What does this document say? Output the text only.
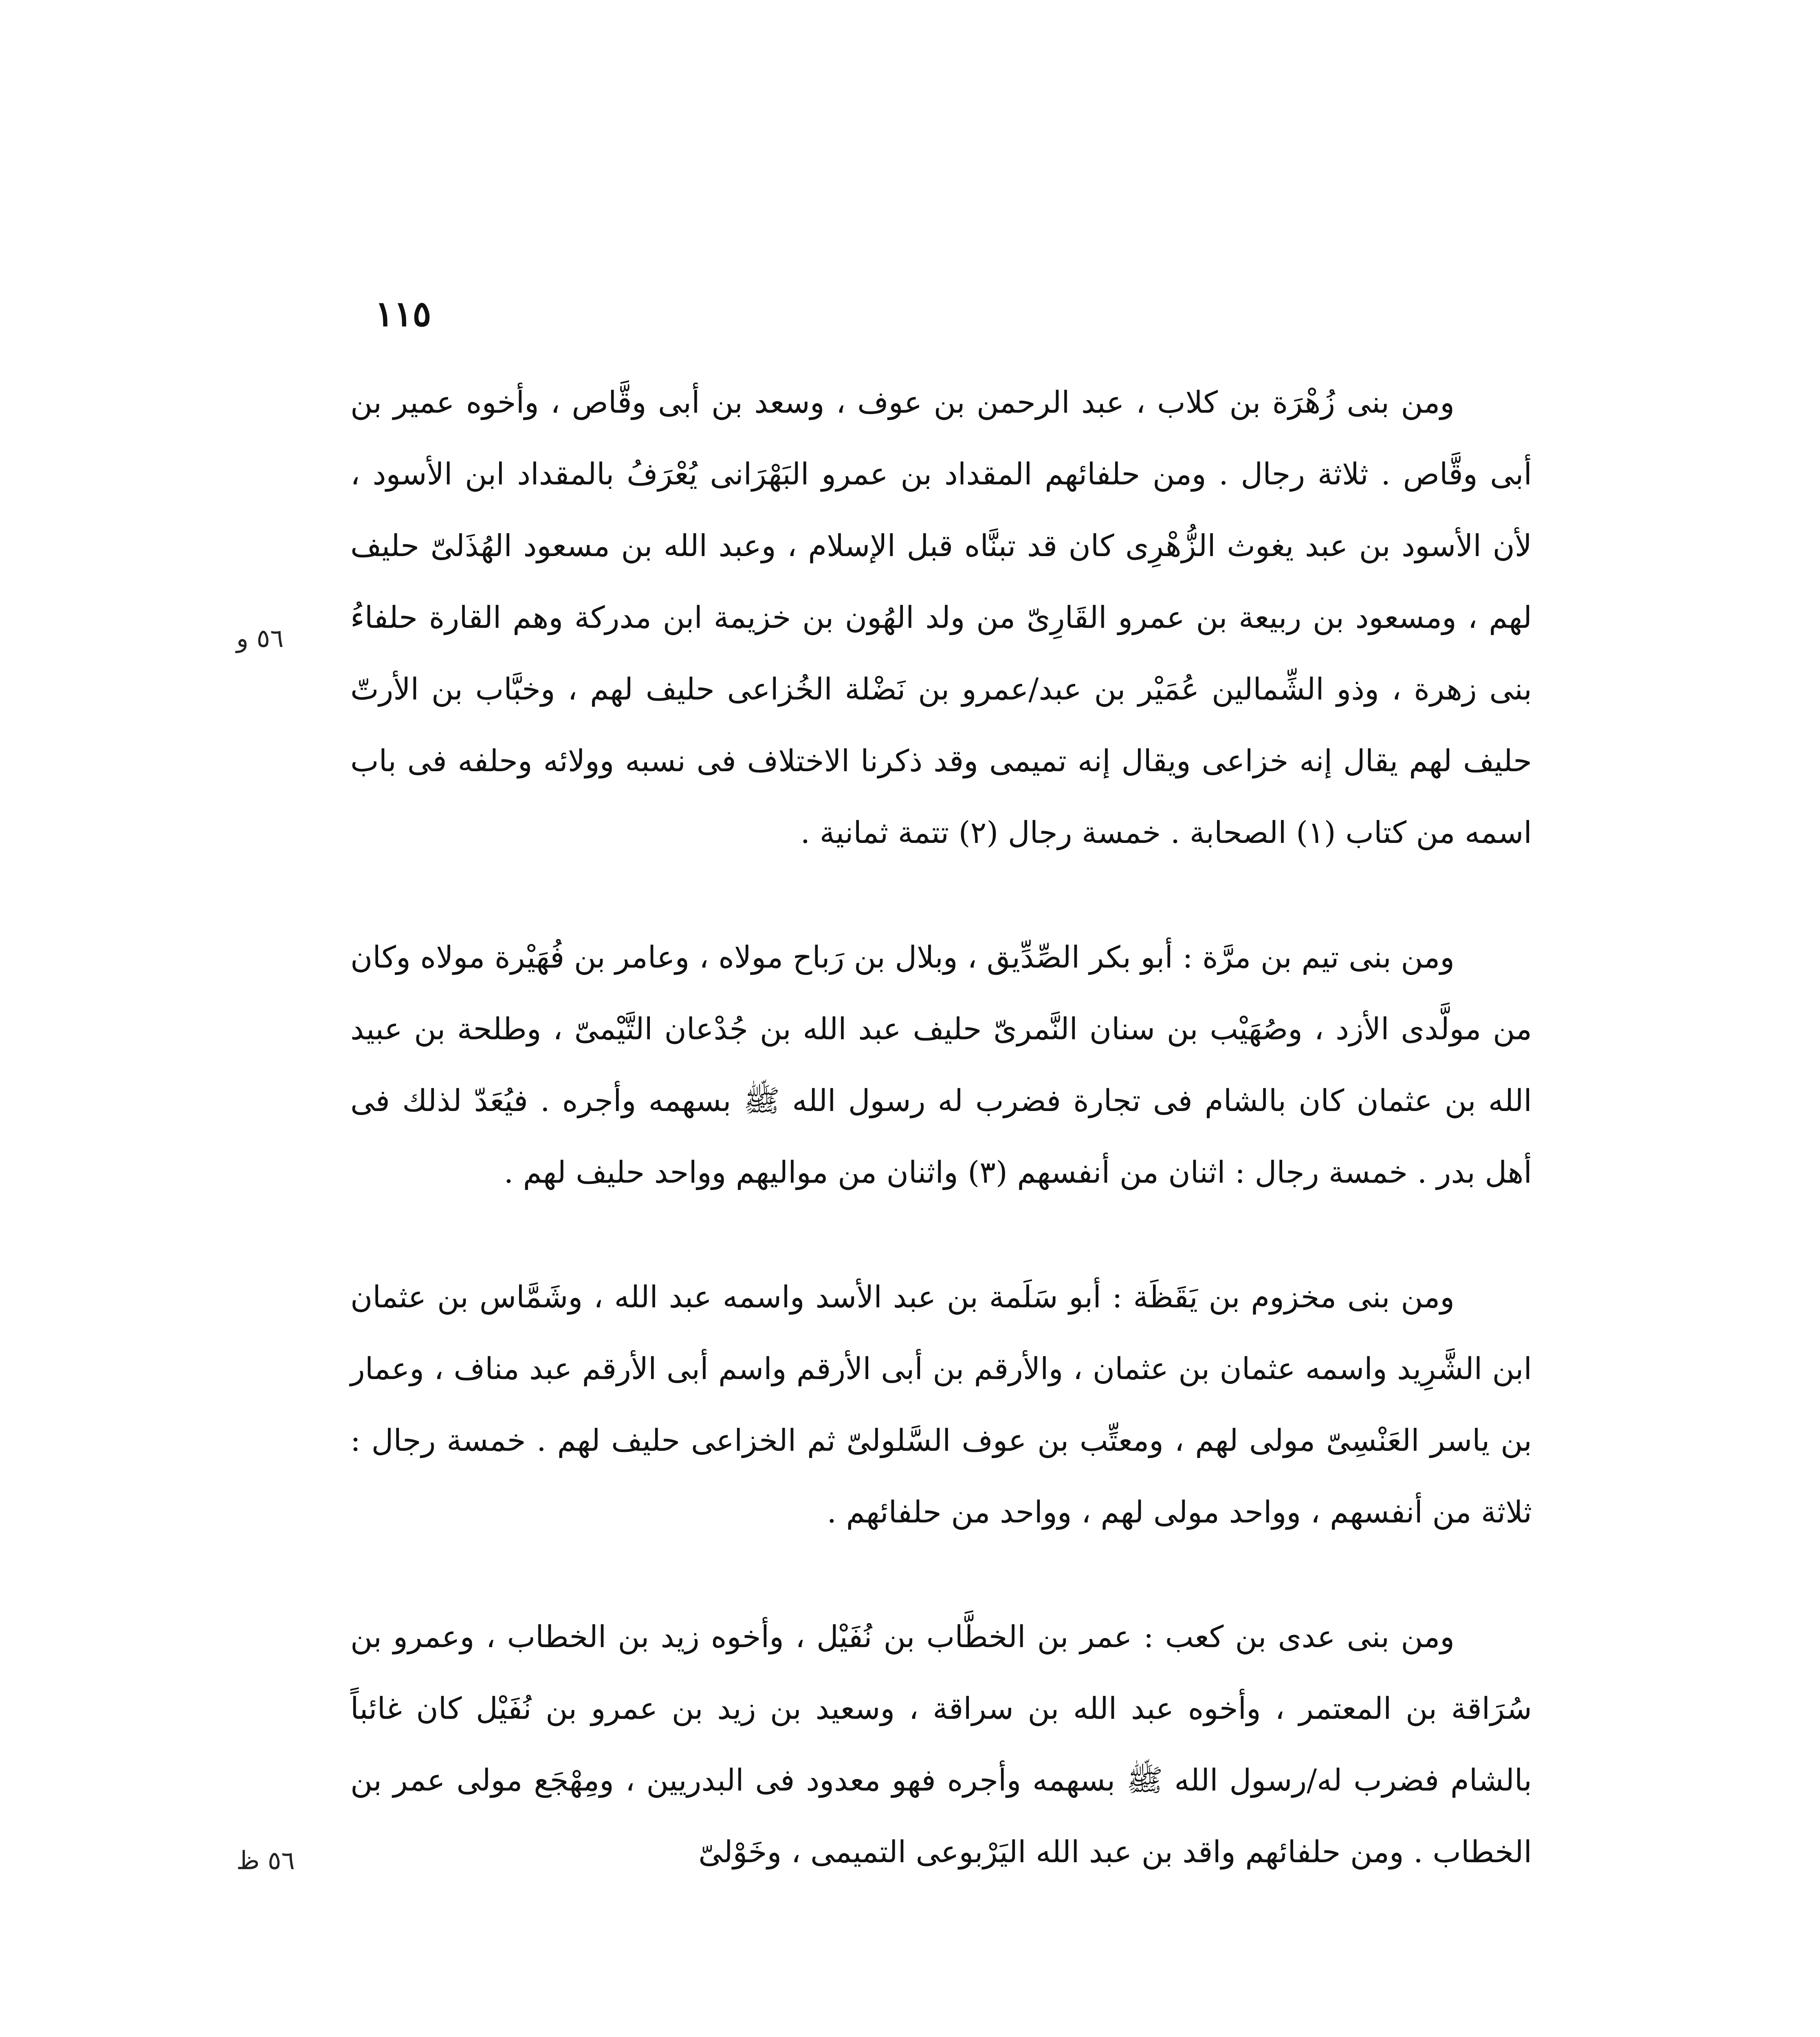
١١٥
٥٦ و
٥٦ ظ

ومن بنى زُهْرَة بن كلاب ، عبد الرحمن بن عوف ، وسعد بن أبى وقَّاص ، وأخوه عمير بن أبى وقَّاص . ثلاثة رجال . ومن حلفائهم المقداد بن عمرو البَهْرَانى يُعْرَفُ بالمقداد ابن الأسود ، لأن الأسود بن عبد يغوث الزُّهْرِى كان قد تبنَّاه قبل الإسلام ، وعبد الله بن مسعود الهُذَلىّ حليف لهم ، ومسعود بن ربيعة بن عمرو القَارِىّ من ولد الهُون بن خزيمة ابن مدركة وهم القارة حلفاءُ بنى زهرة ، وذو الشِّمالين عُمَيْر بن عبد/عمرو بن نَضْلة الخُزاعى حليف لهم ، وخبَّاب بن الأرتّ حليف لهم يقال إنه خزاعى ويقال إنه تميمى وقد ذكرنا الاختلاف فى نسبه وولائه وحلفه فى باب اسمه من كتاب (١) الصحابة . خمسة رجال (٢) تتمة ثمانية .

ومن بنى تيم بن مرَّة : أبو بكر الصِّدِّيق ، وبلال بن رَباح مولاه ، وعامر بن فُهَيْرة مولاه وكان من مولَّدى الأزد ، وصُهَيْب بن سنان النَّمرىّ حليف عبد الله بن جُدْعان التَّيْمىّ ، وطلحة بن عبيد الله بن عثمان كان بالشام فى تجارة فضرب له رسول الله ﷺ بسهمه وأجره . فيُعَدّ لذلك فى أهل بدر . خمسة رجال : اثنان من أنفسهم (٣) واثنان من مواليهم وواحد حليف لهم .

ومن بنى مخزوم بن يَقَظَة : أبو سَلَمة بن عبد الأسد واسمه عبد الله ، وشَمَّاس بن عثمان ابن الشَّرِيد واسمه عثمان بن عثمان ، والأرقم بن أبى الأرقم واسم أبى الأرقم عبد مناف ، وعمار بن ياسر العَنْسِىّ مولى لهم ، ومعتِّب بن عوف السَّلولىّ ثم الخزاعى حليف لهم . خمسة رجال : ثلاثة من أنفسهم ، وواحد مولى لهم ، وواحد من حلفائهم .

ومن بنى عدى بن كعب : عمر بن الخطَّاب بن نُفَيْل ، وأخوه زيد بن الخطاب ، وعمرو بن سُرَاقة بن المعتمر ، وأخوه عبد الله بن سراقة ، وسعيد بن زيد بن عمرو بن نُفَيْل كان غائباً بالشام فضرب له/رسول الله ﷺ بسهمه وأجره فهو معدود فى البدريين ، ومِهْجَع مولى عمر بن الخطاب . ومن حلفائهم واقد بن عبد الله اليَرْبوعى التميمى ، وخَوْلىّ
